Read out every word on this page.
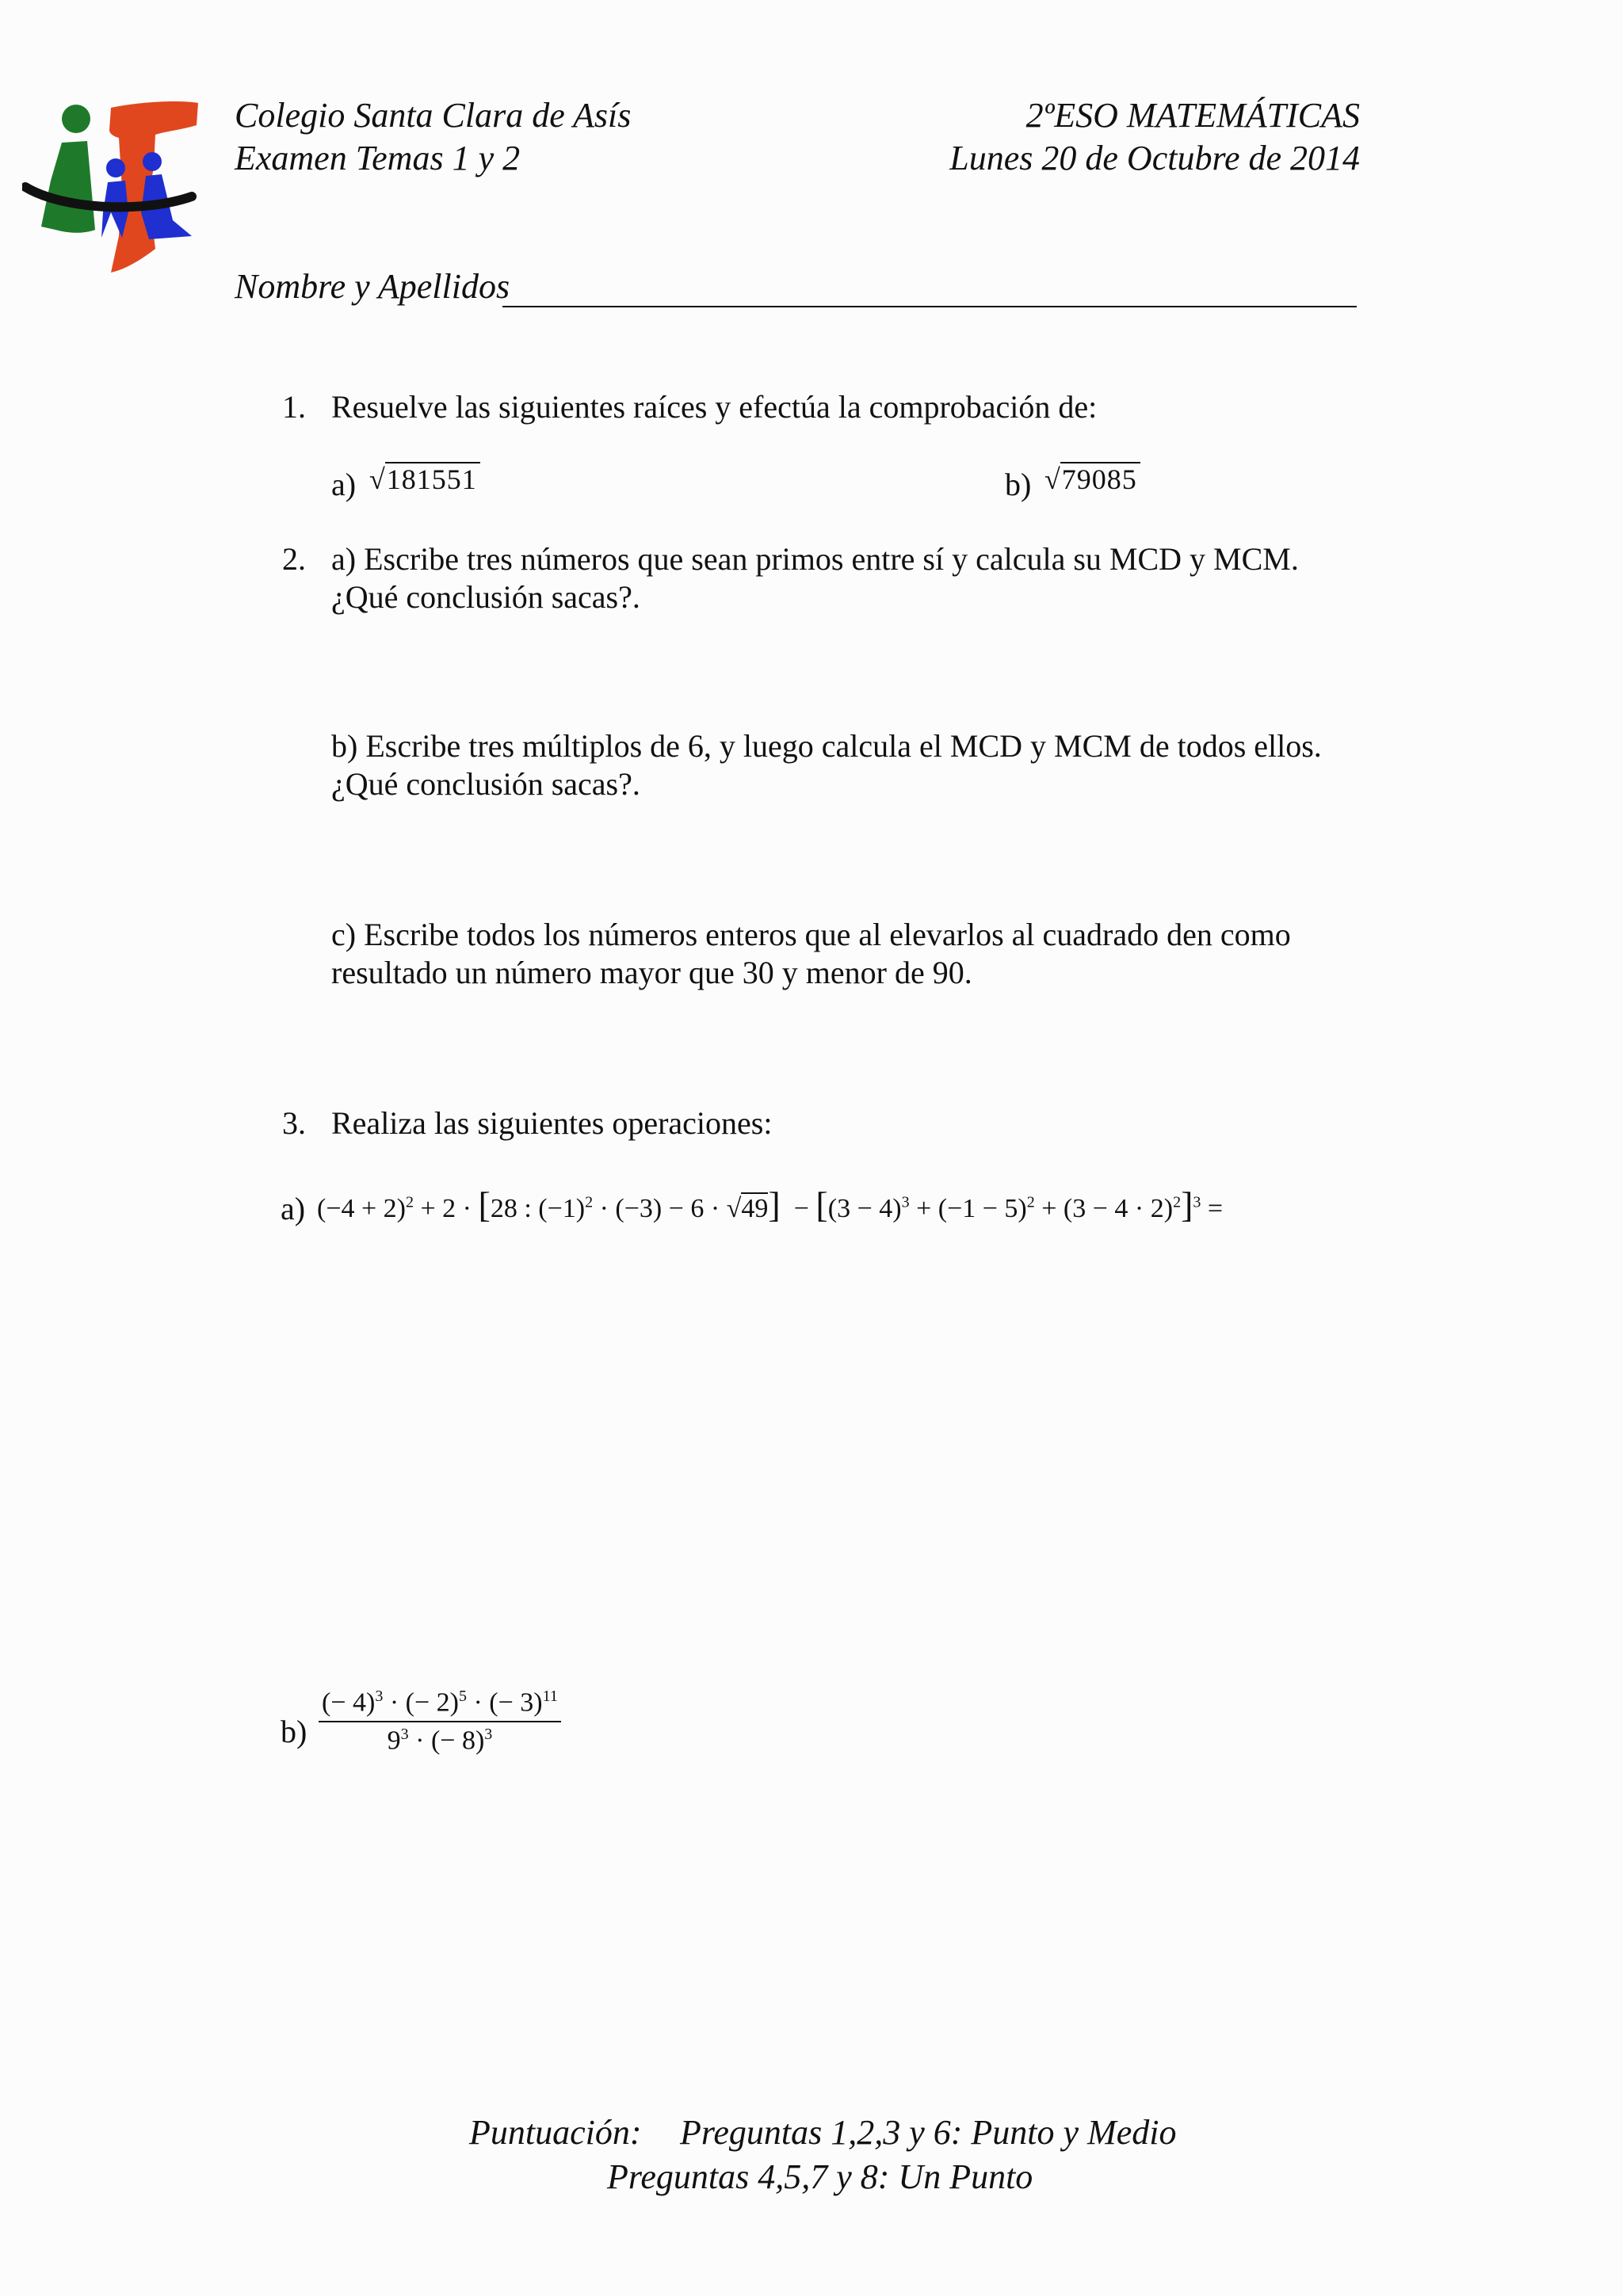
Colegio Santa Clara de Asís
Examen Temas 1 y 2
2ºESO MATEMÁTICAS
Lunes 20 de Octubre de 2014
Nombre y Apellidos
1. Resuelve las siguientes raíces y efectúa la comprobación de:
a) √181551	b) √79085
2. a) Escribe tres números que sean primos entre sí y calcula su MCD y MCM.
¿Qué conclusión sacas?.
b) Escribe tres múltiplos de 6, y luego calcula el MCD y MCM de todos ellos.
¿Qué conclusión sacas?.
c) Escribe todos los números enteros que al elevarlos al cuadrado den como
resultado un número mayor que 30 y menor de 90.
3. Realiza las siguientes operaciones:
a) $(-4 + 2)^2 + 2 \cdot [28$ : $(-1)^2 \cdot (-3) - 6 \cdot √49] - [(3 - 4)^3 + (-1 - 5)^2 + (3 - 4 \cdot 2)^2]^3$ =
$b) \frac{(- 4)^3 \cdot (- 2)^5 \cdot (- 3)^{11}}{9^3 \cdot (- 8)^3}$
Puntuación: Preguntas 1,2,3 y 6: Punto y Medio
Preguntas 4,5,7 y 8: Un Punto
